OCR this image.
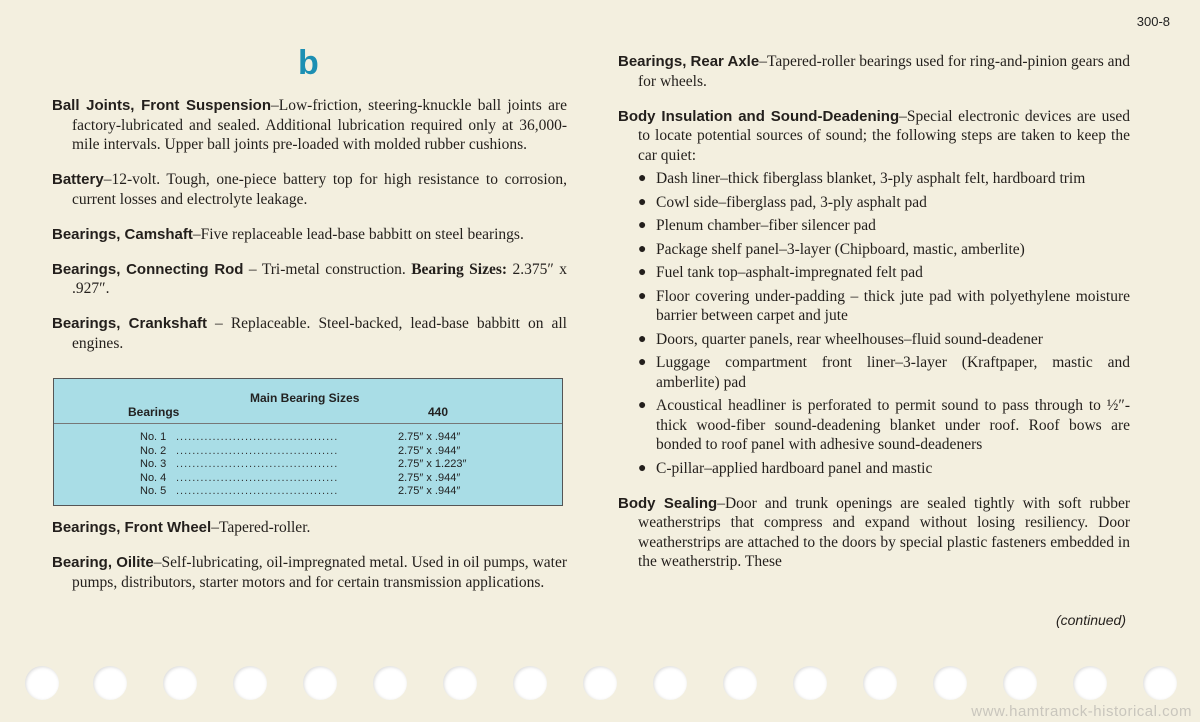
300-8
b

Ball Joints, Front Suspension–Low-friction, steering-knuckle ball joints are factory-lubricated and sealed. Additional lubrication required only at 36,000-mile intervals. Upper ball joints pre-loaded with molded rubber cushions.

Battery–12-volt. Tough, one-piece battery top for high resistance to corrosion, current losses and electrolyte leakage.

Bearings, Camshaft–Five replaceable lead-base babbitt on steel bearings.

Bearings, Connecting Rod – Tri-metal construction. Bearing Sizes: 2.375″ x .927″.

Bearings, Crankshaft – Replaceable. Steel-backed, lead-base babbitt on all engines.

Main Bearing Sizes
Bearings	440
No. 1 ........................................	2.75″ x .944″
No. 2 ........................................	2.75″ x .944″
No. 3 ........................................	2.75″ x 1.223″
No. 4 ........................................	2.75″ x .944″
No. 5 ........................................	2.75″ x .944″

Bearings, Front Wheel–Tapered-roller.

Bearing, Oilite–Self-lubricating, oil-impregnated metal. Used in oil pumps, water pumps, distributors, starter motors and for certain transmission applications.

Bearings, Rear Axle–Tapered-roller bearings used for ring-and-pinion gears and for wheels.

Body Insulation and Sound-Deadening–Special electronic devices are used to locate potential sources of sound; the following steps are taken to keep the car quiet:

● Dash liner–thick fiberglass blanket, 3-ply asphalt felt, hardboard trim
● Cowl side–fiberglass pad, 3-ply asphalt pad
● Plenum chamber–fiber silencer pad
● Package shelf panel–3-layer (Chipboard, mastic, amberlite)
● Fuel tank top–asphalt-impregnated felt pad
● Floor covering under-padding – thick jute pad with polyethylene moisture barrier between carpet and jute
● Doors, quarter panels, rear wheelhouses–fluid sound-deadener
● Luggage compartment front liner–3-layer (Kraftpaper, mastic and amberlite) pad
● Acoustical headliner is perforated to permit sound to pass through to ½″-thick wood-fiber sound-deadening blanket under roof. Roof bows are bonded to roof panel with adhesive sound-deadeners
● C-pillar–applied hardboard panel and mastic

Body Sealing–Door and trunk openings are sealed tightly with soft rubber weatherstrips that compress and expand without losing resiliency. Door weatherstrips are attached to the doors by special plastic fasteners embedded in the weatherstrip. These

(continued)
www.hamtramck-historical.com
